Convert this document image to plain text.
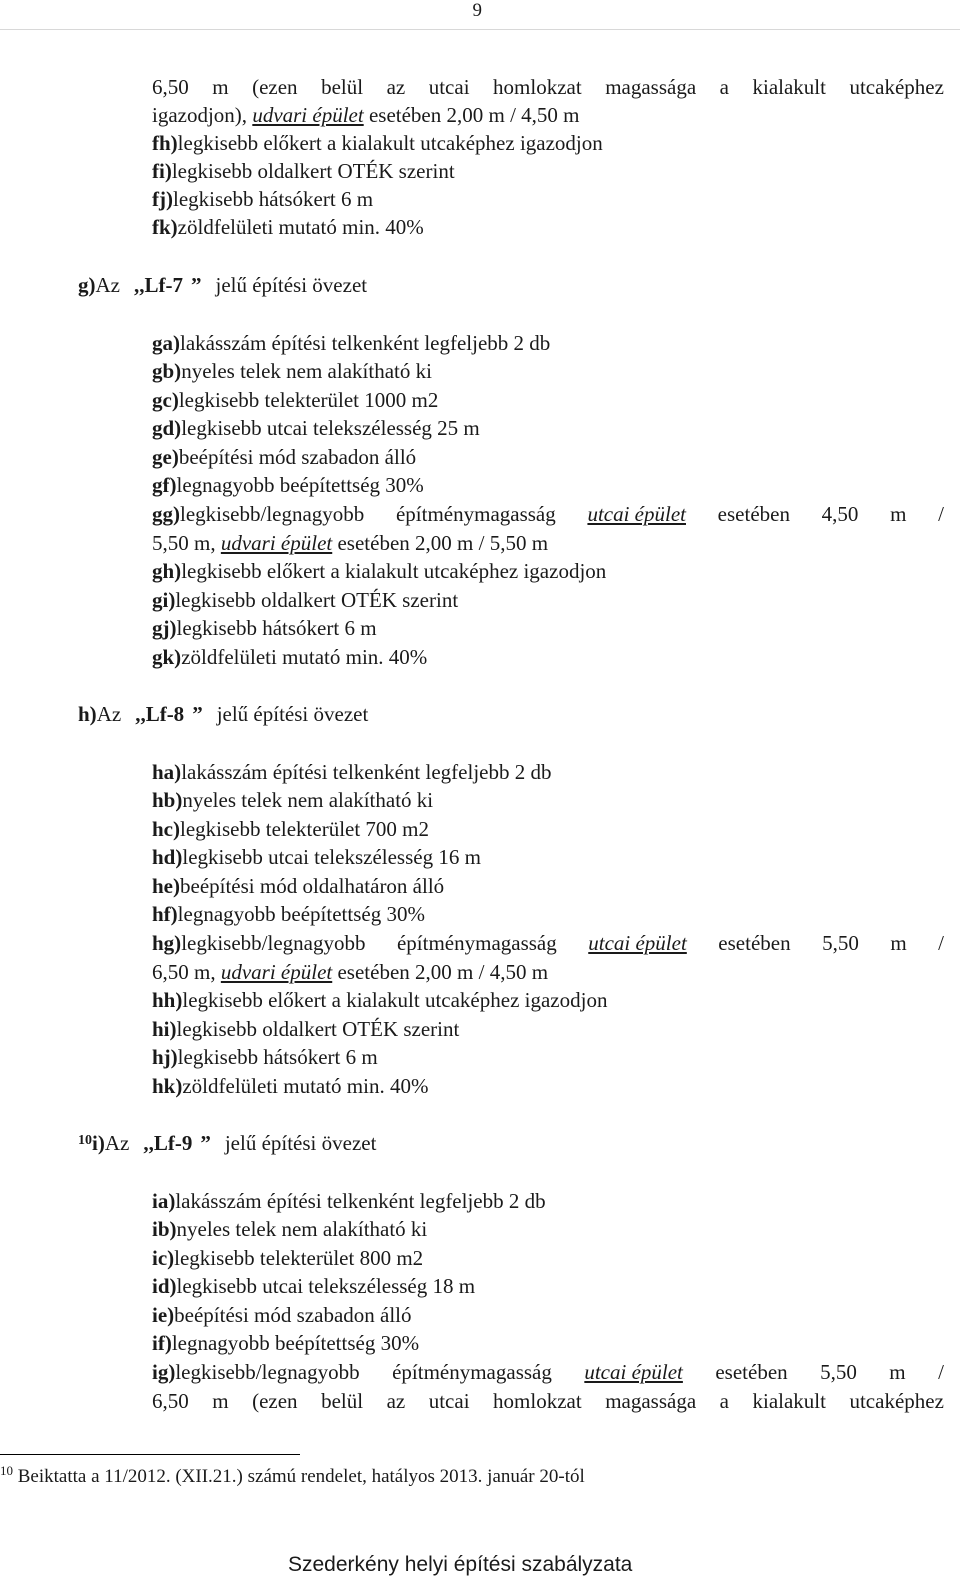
9
6,50 m (ezen belül az utcai homlokzat magassága a kialakult utcaképhez
igazodjon), udvari épület esetében 2,00 m / 4,50 m
fh)legkisebb előkert a kialakult utcaképhez igazodjon
fi)legkisebb oldalkert OTÉK szerint
fj)legkisebb hátsókert 6 m
fk)zöldfelületi mutató min. 40%
g)Az ,,Lf-7 ” jelű építési övezet
ga)lakásszám építési telkenként legfeljebb 2 db
gb)nyeles telek nem alakítható ki
gc)legkisebb telekterület 1000 m2
gd)legkisebb utcai telekszélesség 25 m
ge)beépítési mód szabadon álló
gf)legnagyobb beépítettség 30%
gg)legkisebb/legnagyobb építménymagasság utcai épület esetében 4,50 m /
5,50 m, udvari épület esetében 2,00 m / 5,50 m
gh)legkisebb előkert a kialakult utcaképhez igazodjon
gi)legkisebb oldalkert OTÉK szerint
gj)legkisebb hátsókert 6 m
gk)zöldfelületi mutató min. 40%
h)Az ,,Lf-8 ” jelű építési övezet
ha)lakásszám építési telkenként legfeljebb 2 db
hb)nyeles telek nem alakítható ki
hc)legkisebb telekterület 700 m2
hd)legkisebb utcai telekszélesség 16 m
he)beépítési mód oldalhatáron álló
hf)legnagyobb beépítettség 30%
hg)legkisebb/legnagyobb építménymagasság utcai épület esetében 5,50 m /
6,50 m, udvari épület esetében 2,00 m / 4,50 m
hh)legkisebb előkert a kialakult utcaképhez igazodjon
hi)legkisebb oldalkert OTÉK szerint
hj)legkisebb hátsókert 6 m
hk)zöldfelületi mutató min. 40%
$^{10}$i)Az ,,Lf-9 ” jelű építési övezet
ia)lakásszám építési telkenként legfeljebb 2 db
ib)nyeles telek nem alakítható ki
ic)legkisebb telekterület 800 m2
id)legkisebb utcai telekszélesség 18 m
ie)beépítési mód szabadon álló
if)legnagyobb beépítettség 30%
ig)legkisebb/legnagyobb építménymagasság utcai épület esetében 5,50 m /
6,50 m (ezen belül az utcai homlokzat magassága a kialakult utcaképhez
$^{10}$ Beiktatta a 11/2012. (XII.21.) számú rendelet, hatályos 2013. január 20-tól
Szederkény helyi építési szabályzata
